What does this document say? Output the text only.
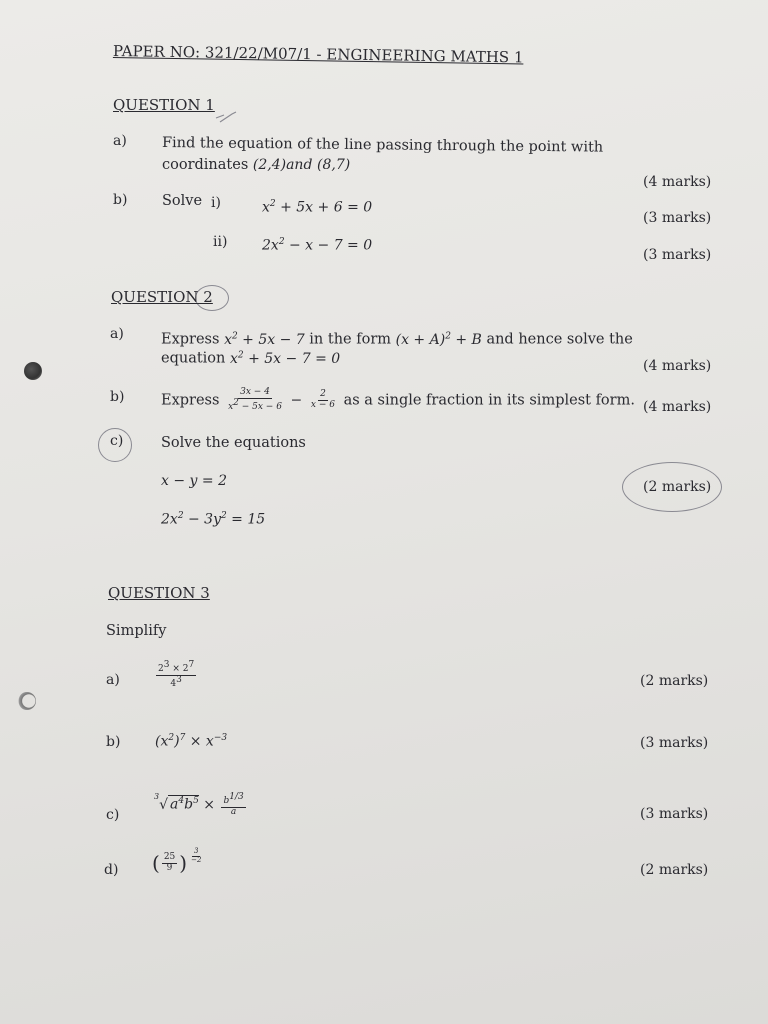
PAPER NO: 321/22/M07/1 - ENGINEERING MATHS 1
QUESTION 1
a) Find the equation of the line passing through the point with
coordinates (2,4)and (8,7)
(4 marks)
b) Solve i)	$x^2 + 5x + 6 = 0$
(3 marks)
ii) $2x^2 - x - 7 = 0$
(3 marks)
QUESTION 2
a)	Express $x^2 + 5x - 7$ in the form $(x + A)^2 + B$ and hence solve the
equation $x^2 + 5x - 7 = 0$	(4 marks)
b)	Express $\frac{3x - 4}{x^2 - 5x - 6} - \frac{2}{x - 6}$ as a single fraction in its simplest form. (4 marks)
c)	Solve the equations
x − y = 2	(2 marks)
$2x^2 - 3y^2 = 15$
QUESTION 3
Simplify
a)	$\frac{2^3 \times 2^7}{4^3}$	(2 marks)
b) $(x^2)^7 \times x^{-3}$	(3 marks)
c)
$^3$√ $a^4b^5 \times \frac{b^{1/3}}{a}$	(3 marks)
d) ( $\frac{25}{9}$ ) $\frac{3}{-2}$
(2 marks)
